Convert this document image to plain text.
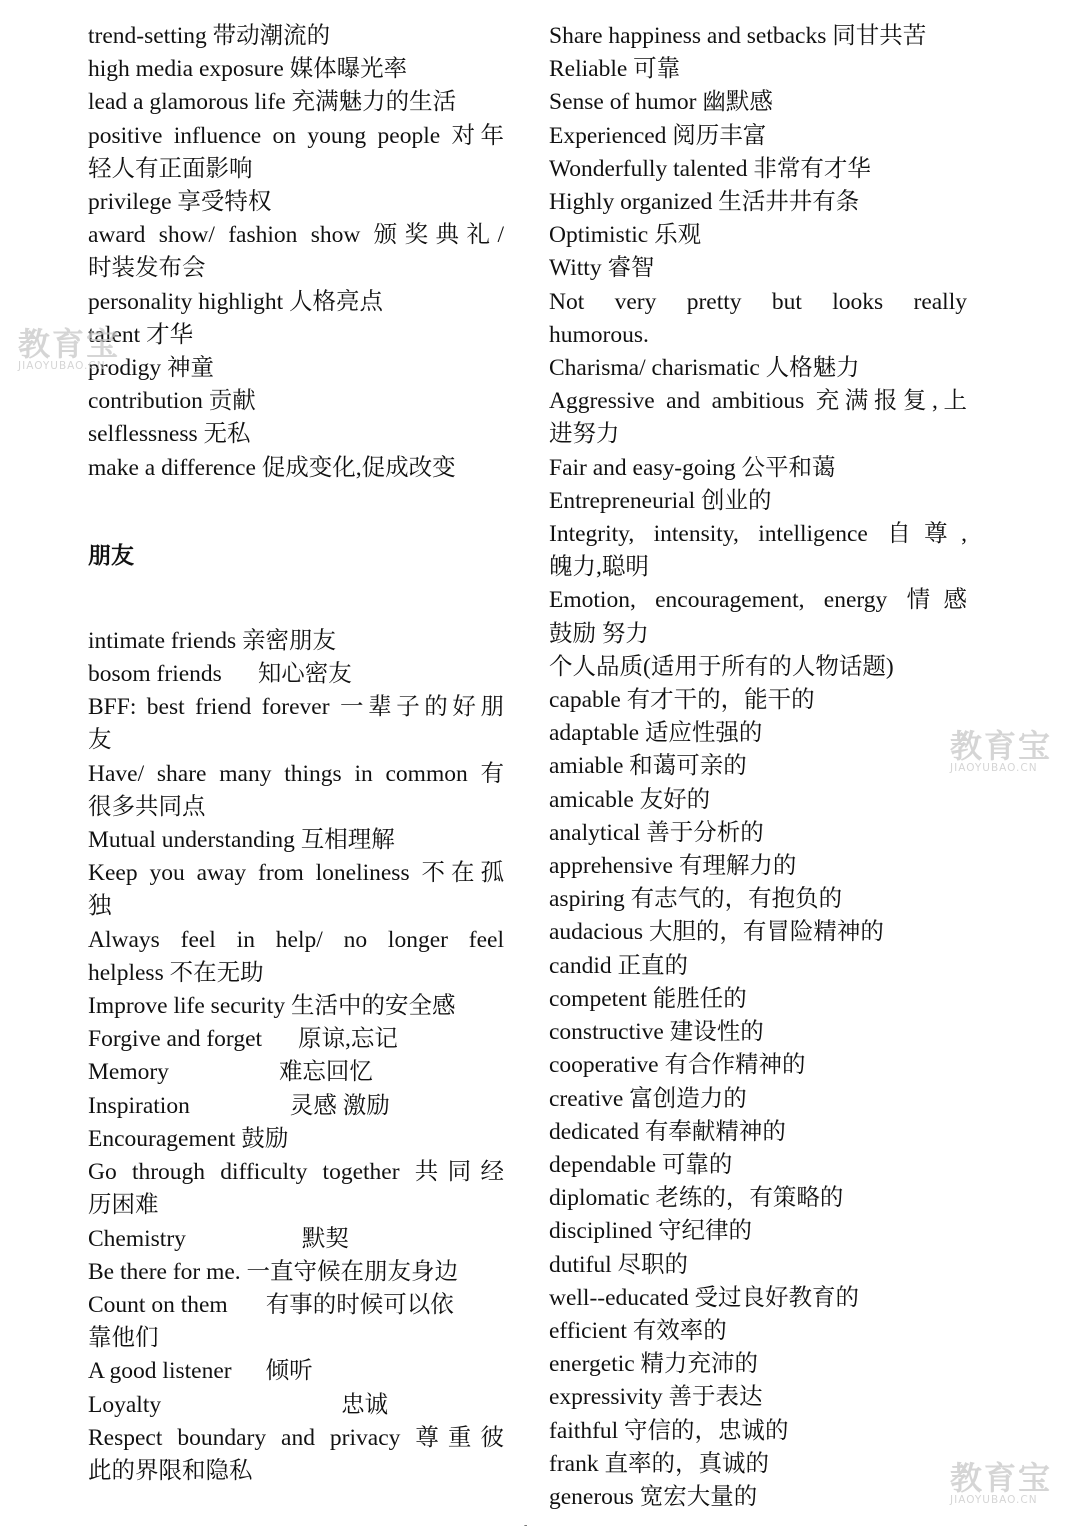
trend-setting 带动潮流的
high media exposure 媒体曝光率
lead a glamorous life 充满魅力的生活
positive influence on young people 对年
轻人有正面影响
privilege 享受特权
award show/ fashion show 颁奖典礼/
时装发布会
personality highlight 人格亮点
talent 才华
prodigy 神童
contribution 贡献
selflessness 无私
make a difference 促成变化,促成改变
朋友
intimate friends 亲密朋友
bosom friends 知心密友
BFF: best friend forever 一辈子的好朋
友
Have/ share many things in common 有
很多共同点
Mutual understanding 互相理解
Keep you away from loneliness 不在孤
独
Always feel in help/ no longer feel
helpless 不在无助
Improve life security 生活中的安全感
Forgive and forget 原谅,忘记
Memory	难忘回忆
Inspiration	灵感 激励
Encouragement 鼓励
Go through difficulty together 共同经
历困难
Chemistry	默契
Be there for me. 一直守候在朋友身边
Count on them 有事的时候可以依
靠他们
A good listener 倾听
Loyalty	忠诚
Respect boundary and privacy 尊重彼
此的界限和隐私
Share happiness and setbacks 同甘共苦
Reliable 可靠
Sense of humor 幽默感
Experienced 阅历丰富
Wonderfully talented 非常有才华
Highly organized 生活井井有条
Optimistic 乐观
Witty 睿智
Not very pretty but looks really
humorous.
Charisma/ charismatic 人格魅力
Aggressive and ambitious 充满报复,上
进努力
Fair and easy-going 公平和蔼
Entrepreneurial 创业的
Integrity, intensity, intelligence 自尊,
魄力,聪明
Emotion, encouragement, energy 情感
鼓励 努力
个人品质(适用于所有的人物话题)
capable 有才干的，能干的
adaptable 适应性强的
amiable 和蔼可亲的
amicable 友好的
analytical 善于分析的
apprehensive 有理解力的
aspiring 有志气的，有抱负的
audacious 大胆的，有冒险精神的
candid 正直的
competent 能胜任的
constructive 建设性的
cooperative 有合作精神的
creative 富创造力的
dedicated 有奉献精神的
dependable 可靠的
diplomatic 老练的，有策略的
disciplined 守纪律的
dutiful 尽职的
well--educated 受过良好教育的
efficient 有效率的
energetic 精力充沛的
expressivity 善于表达
faithful 守信的，忠诚的
frank 直率的，真诚的
generous 宽宏大量的
教育宝
JIAOYUBAO.CN
教育宝
JIAOYUBAO.CN
教育宝
JIAOYUBAO.CN
-
